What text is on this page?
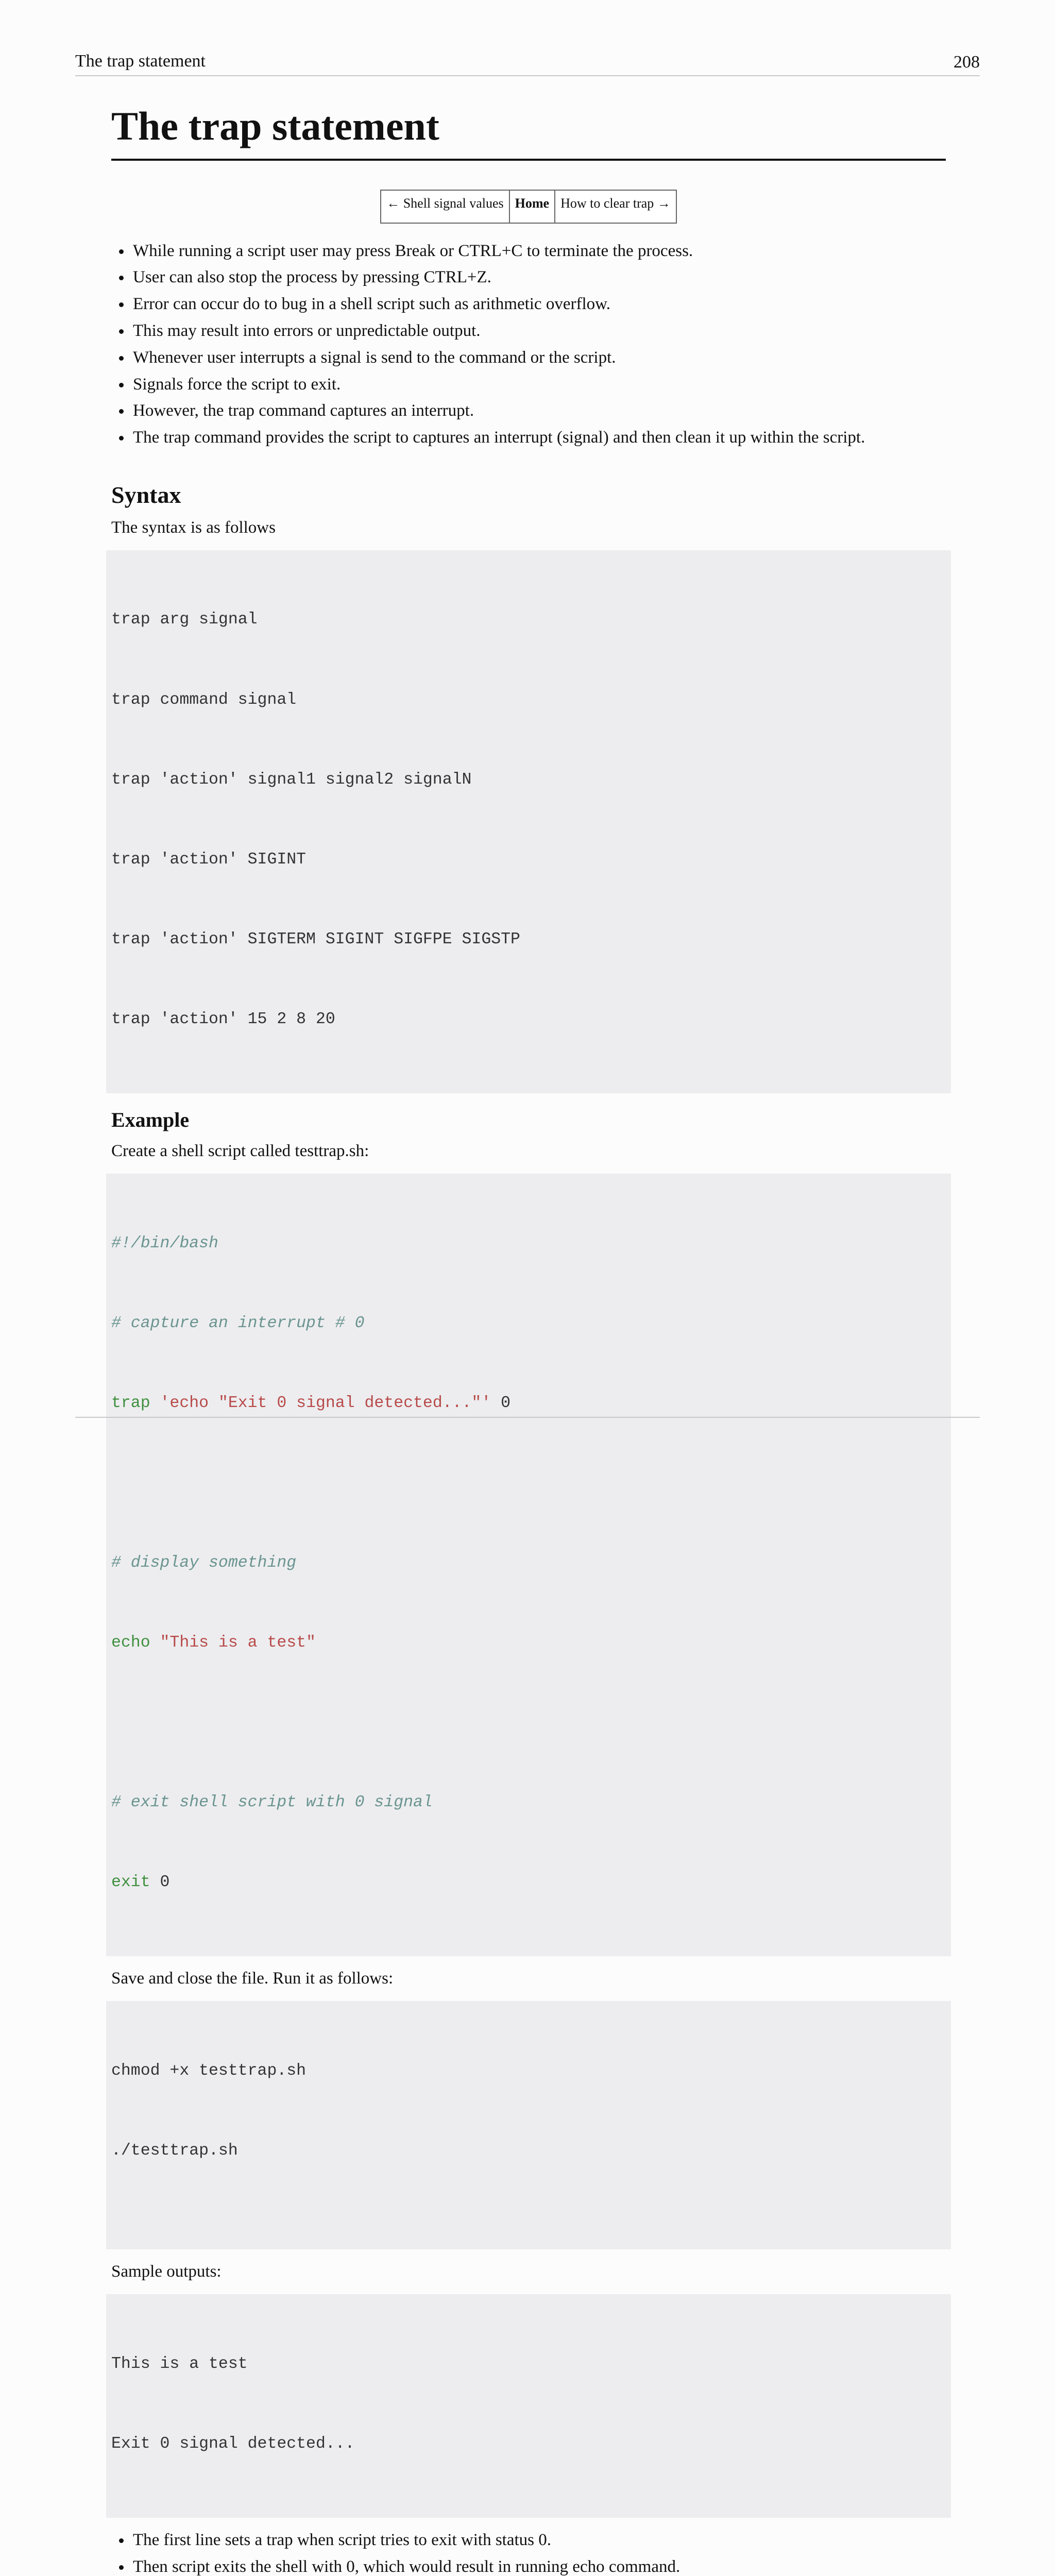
The trap statement	208
The trap statement
← Shell signal values	Home	How to clear trap →
• While running a script user may press Break or CTRL+C to terminate the process.
• User can also stop the process by pressing CTRL+Z.
• Error can occur do to bug in a shell script such as arithmetic overflow.
• This may result into errors or unpredictable output.
• Whenever user interrupts a signal is send to the command or the script.
• Signals force the script to exit.
• However, the trap command captures an interrupt.
• The trap command provides the script to captures an interrupt (signal) and then clean it up within the script.
Syntax

The syntax is as follows

trap arg signal

trap command signal

trap 'action' signal1 signal2 signalN

trap 'action' SIGINT

trap 'action' SIGTERM SIGINT SIGFPE SIGSTP

trap 'action' 15 2 8 20

Example

Create a shell script called testtrap.sh:

#!/bin/bash

# capture an interrupt # 0

trap 'echo "Exit 0 signal detected..."' 0

# display something

echo "This is a test"

# exit shell script with 0 signal

exit 0

Save and close the file. Run it as follows:

chmod +x testtrap.sh

./testtrap.sh

Sample outputs:

This is a test

Exit 0 signal detected...

• The first line sets a trap when script tries to exit with status 0.
• Then script exits the shell with 0, which would result in running echo command.
